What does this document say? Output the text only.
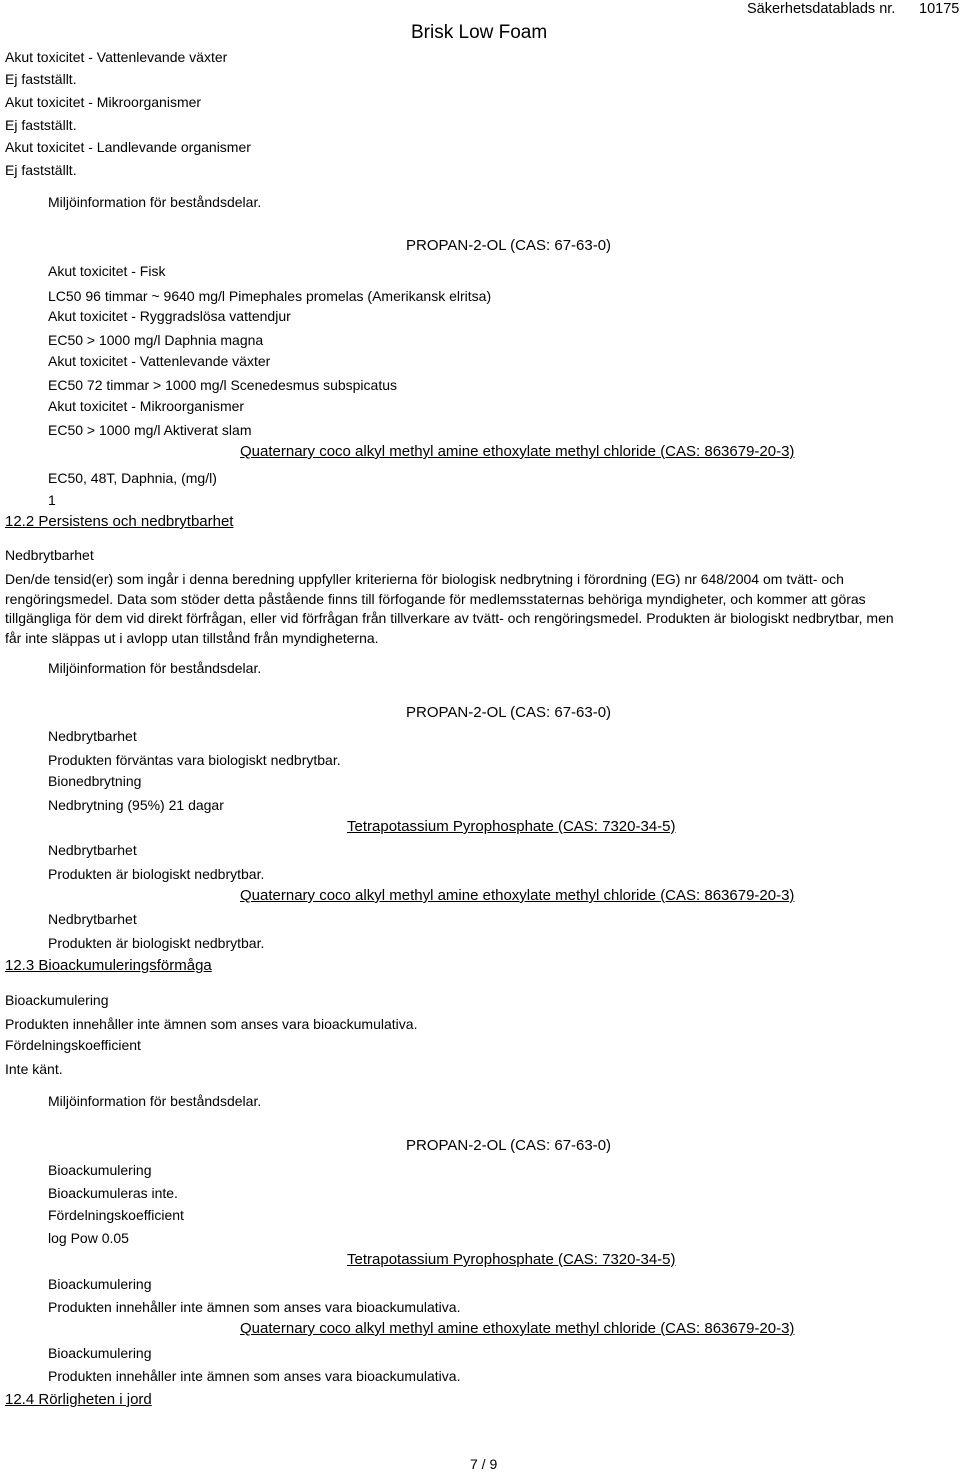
Brisk Low Foam
Säkerhetsdatablads nr. 10175
Akut toxicitet - Vattenlevande växter
Ej fastställt.
Akut toxicitet - Mikroorganismer
Ej fastställt.
Akut toxicitet - Landlevande organismer
Ej fastställt.
Miljöinformation för beståndsdelar.
PROPAN-2-OL (CAS: 67-63-0)
Akut toxicitet - Fisk
LC50 96 timmar ~ 9640 mg/l Pimephales promelas (Amerikansk elritsa)
Akut toxicitet - Ryggradslösa vattendjur
EC50 > 1000 mg/l Daphnia magna
Akut toxicitet - Vattenlevande växter
EC50 72 timmar > 1000 mg/l Scenedesmus subspicatus
Akut toxicitet - Mikroorganismer
EC50 > 1000 mg/l Aktiverat slam
Quaternary coco alkyl methyl amine ethoxylate methyl chloride (CAS: 863679-20-3)
EC50, 48T, Daphnia, (mg/l)
1
12.2 Persistens och nedbrytbarhet
Nedbrytbarhet
Den/de tensid(er) som ingår i denna beredning uppfyller kriterierna för biologisk nedbrytning i förordning (EG) nr 648/2004 om tvätt- och rengöringsmedel. Data som stöder detta påstående finns till förfogande för medlemsstaternas behöriga myndigheter, och kommer att göras tillgängliga för dem vid direkt förfrågan, eller vid förfrågan från tillverkare av tvätt- och rengöringsmedel. Produkten är biologiskt nedbrytbar, men får inte släppas ut i avlopp utan tillstånd från myndigheterna.
Miljöinformation för beståndsdelar.
PROPAN-2-OL (CAS: 67-63-0)
Nedbrytbarhet
Produkten förväntas vara biologiskt nedbrytbar.
Bionedbrytning
Nedbrytning (95%) 21 dagar
Tetrapotassium Pyrophosphate (CAS: 7320-34-5)
Nedbrytbarhet
Produkten är biologiskt nedbrytbar.
Quaternary coco alkyl methyl amine ethoxylate methyl chloride (CAS: 863679-20-3)
Nedbrytbarhet
Produkten är biologiskt nedbrytbar.
12.3 Bioackumuleringsförmåga
Bioackumulering
Produkten innehåller inte ämnen som anses vara bioackumulativa.
Fördelningskoefficient
Inte känt.
Miljöinformation för beståndsdelar.
PROPAN-2-OL (CAS: 67-63-0)
Bioackumulering
Bioackumuleras inte.
Fördelningskoefficient
log Pow 0.05
Tetrapotassium Pyrophosphate (CAS: 7320-34-5)
Bioackumulering
Produkten innehåller inte ämnen som anses vara bioackumulativa.
Quaternary coco alkyl methyl amine ethoxylate methyl chloride (CAS: 863679-20-3)
Bioackumulering
Produkten innehåller inte ämnen som anses vara bioackumulativa.
12.4 Rörligheten i jord
7 / 9
